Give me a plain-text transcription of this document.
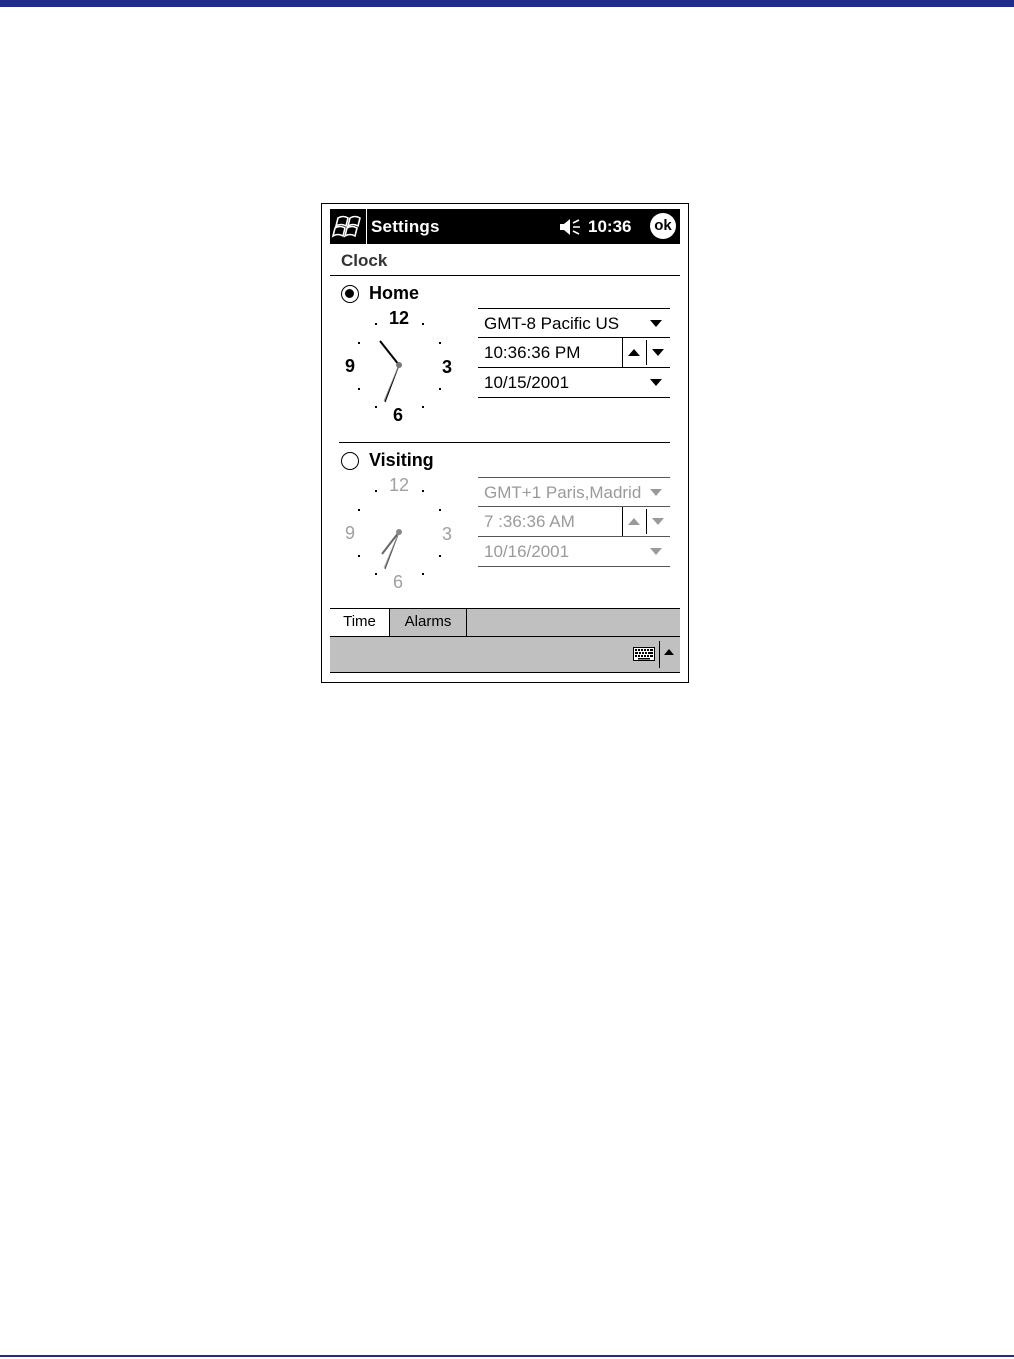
Settings	10:36 ok
Clock
Home
12
3
6
9
GMT-8 Pacific US
10:36:36 PM
10/15/2001
Visiting
12
3
6
9
GMT+1 Paris,Madrid
7 :36:36 AM
10/16/2001
Time	Alarms
